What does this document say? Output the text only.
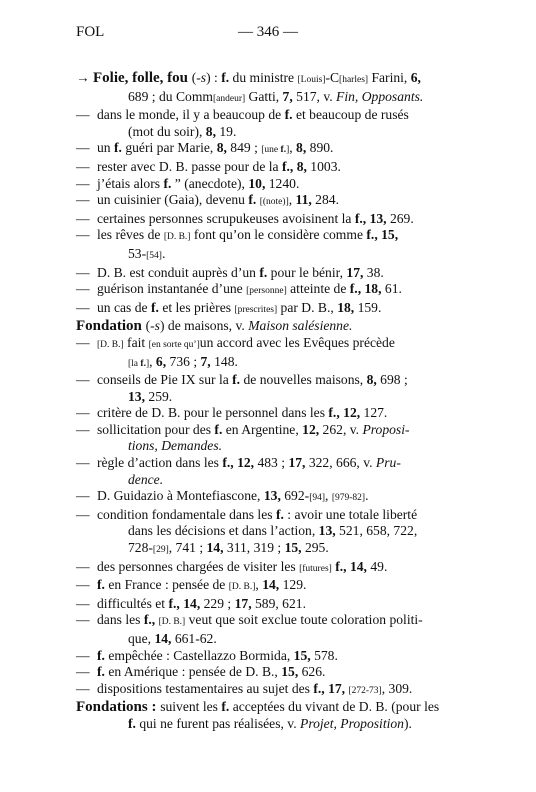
FOL	— 346 —
→ Folie, folle, fou (-s) : f. du ministre [Louis]-C[harles] Farini, 6,
689 ; du Comm[andeur] Gatti, 7, 517, v. Fin, Opposants.
—dans le monde, il y a beaucoup de f. et beaucoup de rusés
(mot du soir), 8, 19.
—un f. guéri par Marie, 8, 849 ; [une f.], 8, 890.
—rester avec D. B. passe pour de la f., 8, 1003.
—j’étais alors f. ” (anecdote), 10, 1240.
—un cuisinier (Gaia), devenu f. [(note)], 11, 284.
—certaines personnes scrupukeuses avoisinent la f., 13, 269.
—les rêves de [D. B.] font qu’on le considère comme f., 15,
53-[54].
—D. B. est conduit auprès d’un f. pour le bénir, 17, 38.
—guérison instantanée d’une [personne] atteinte de f., 18, 61.
—un cas de f. et les prières [prescrites] par D. B., 18, 159.
Fondation (-s) de maisons, v. Maison salésienne.
—[D. B.] fait [en sorte qu’]un accord avec les Evêques précède
[la f.], 6, 736 ; 7, 148.
—conseils de Pie IX sur la f. de nouvelles maisons, 8, 698 ;
13, 259.
—critère de D. B. pour le personnel dans les f., 12, 127.
—sollicitation pour des f. en Argentine, 12, 262, v. Proposi-
tions, Demandes.
—règle d’action dans les f., 12, 483 ; 17, 322, 666, v. Pru-
dence.
—D. Guidazio à Montefiascone, 13, 692-[94], [979-82].
—condition fondamentale dans les f. : avoir une totale liberté
dans les décisions et dans l’action, 13, 521, 658, 722,
728-[29], 741 ; 14, 311, 319 ; 15, 295.
—des personnes chargées de visiter les [futures] f., 14, 49.
—f. en France : pensée de [D. B.], 14, 129.
—difficultés et f., 14, 229 ; 17, 589, 621.
—dans les f., [D. B.] veut que soit exclue toute coloration politi-
que, 14, 661-62.
—f. empêchée : Castellazzo Bormida, 15, 578.
—f. en Amérique : pensée de D. B., 15, 626.
—dispositions testamentaires au sujet des f., 17, [272-73], 309.
Fondations : suivent les f. acceptées du vivant de D. B. (pour les
f. qui ne furent pas réalisées, v. Projet, Proposition).
